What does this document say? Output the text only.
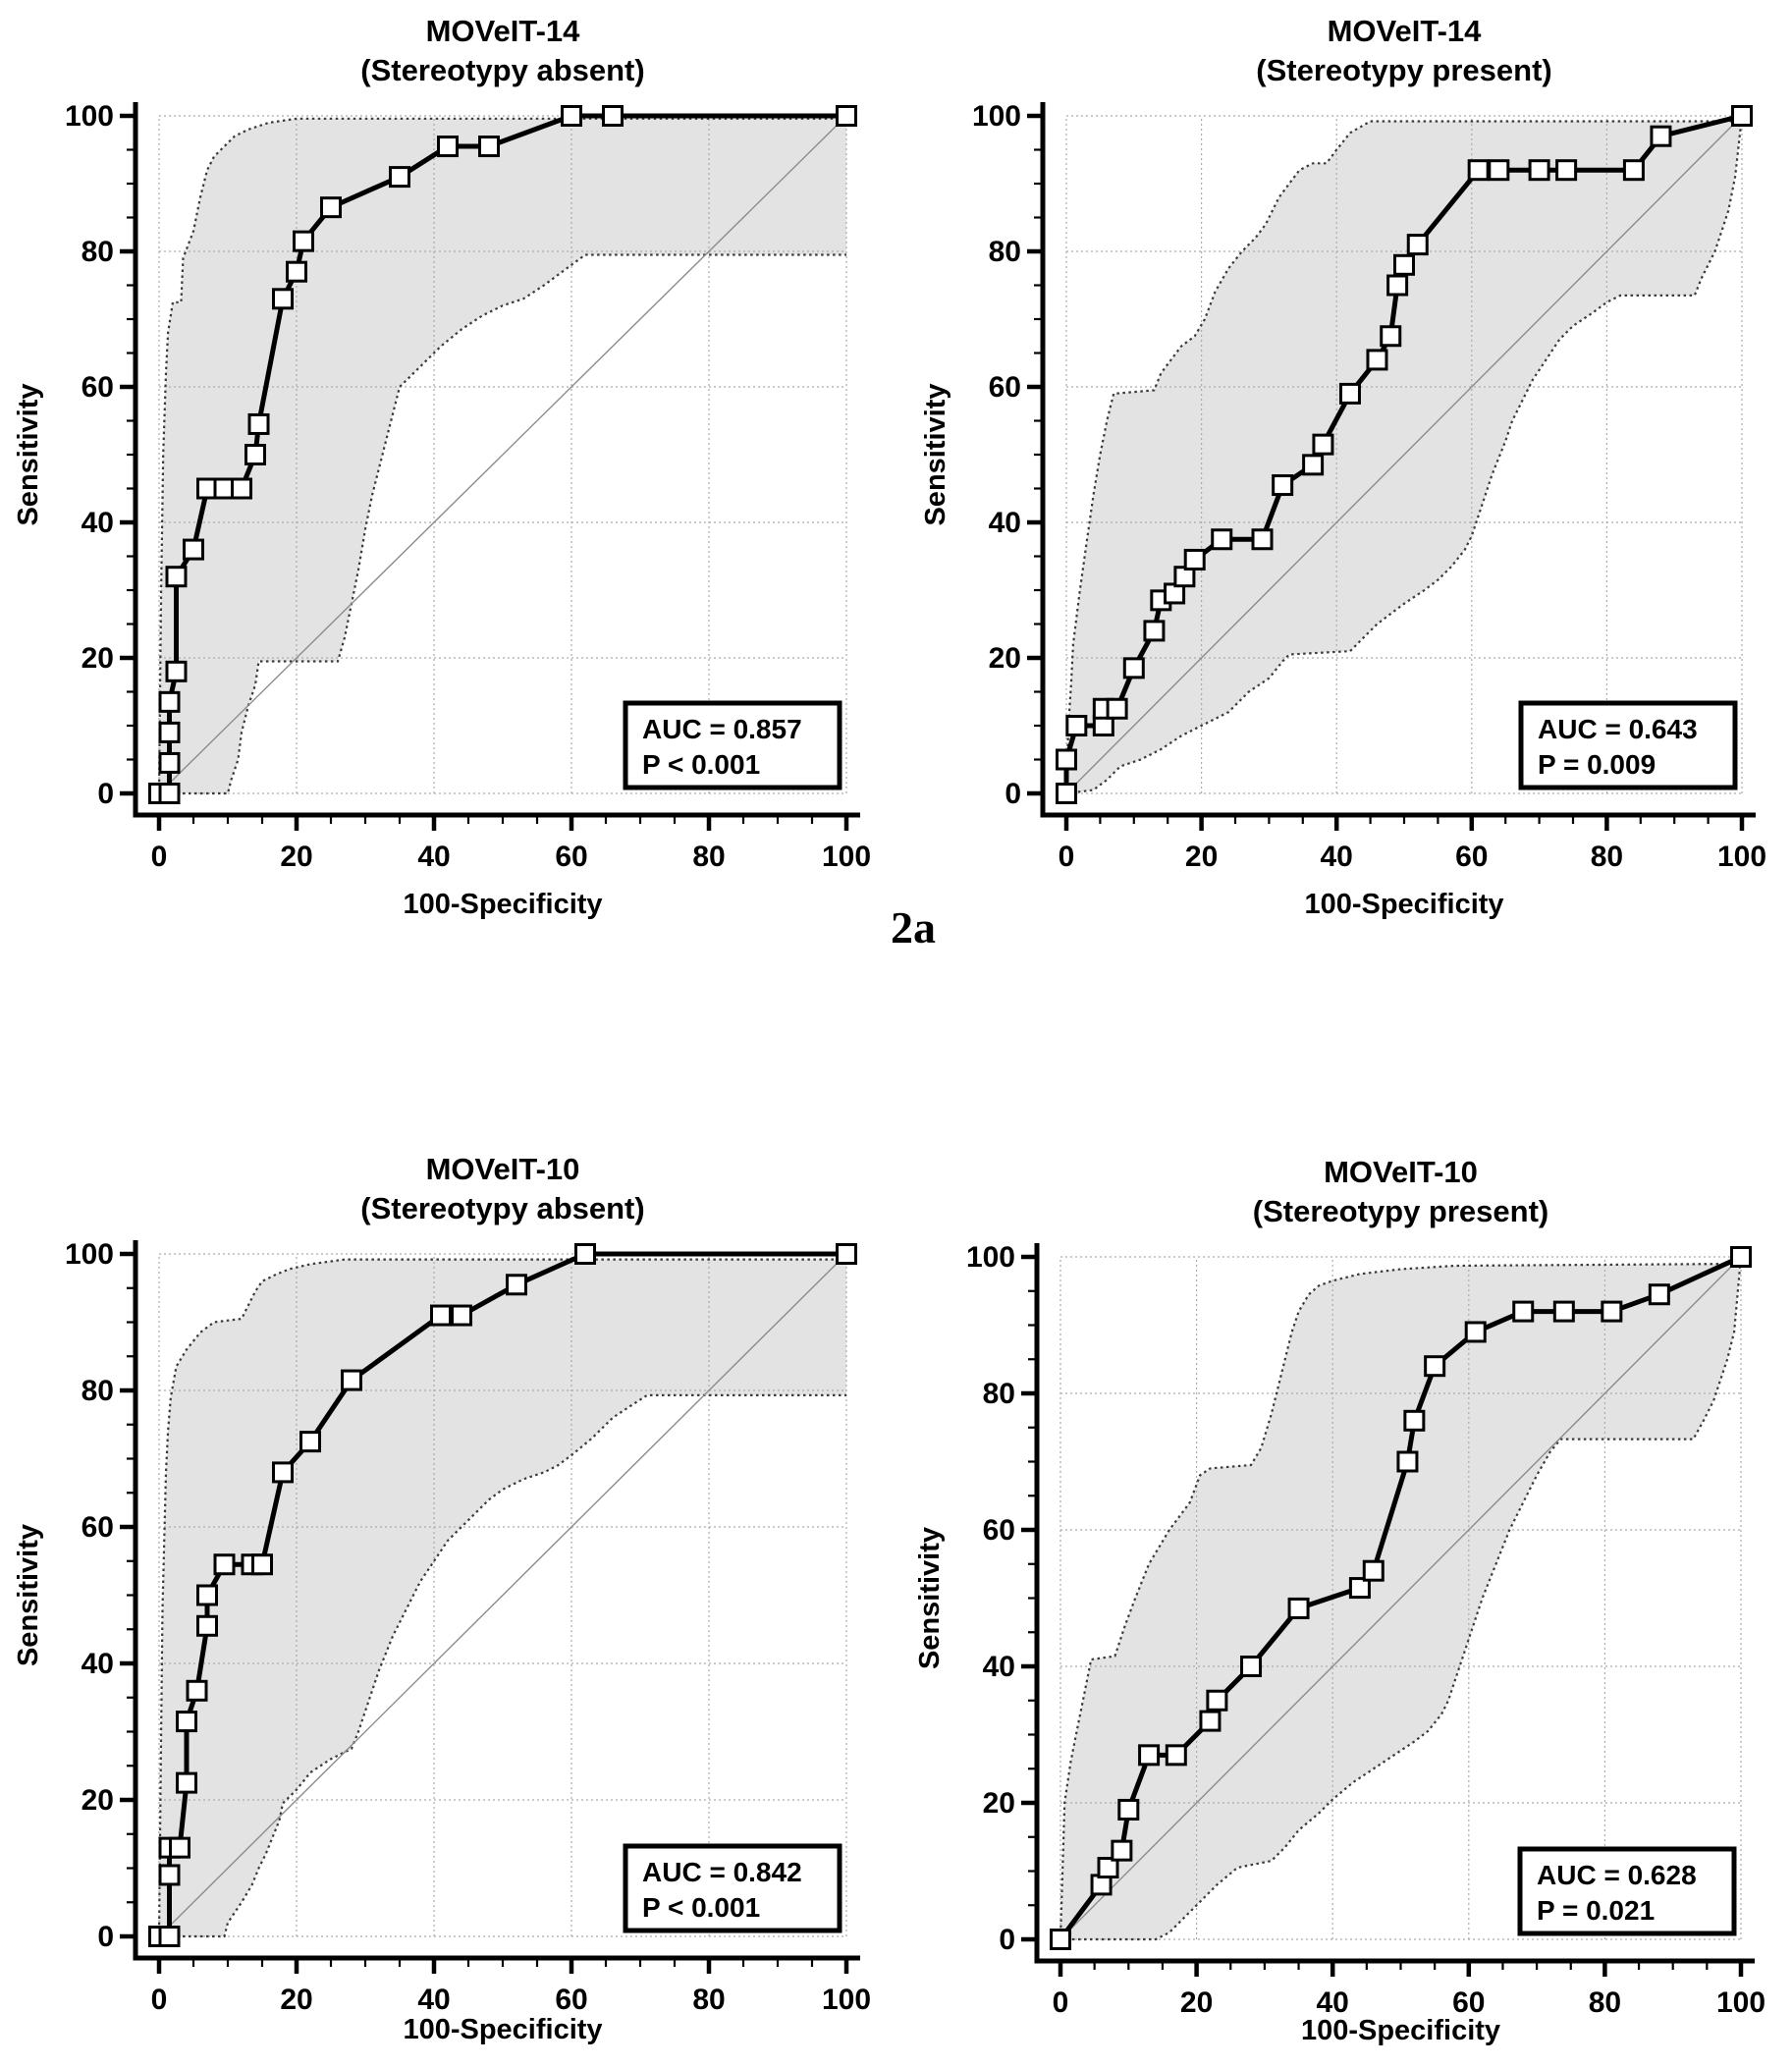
0
0
20
20
40
40
60
60
80
80
100
100
AUC = 0.857
P < 0.001
MOVeIT-14
(Stereotypy absent)
100-Specificity
Sensitivity
0
0
20
20
40
40
60
60
80
80
100
100
AUC = 0.643
P = 0.009
MOVeIT-14
(Stereotypy present)
100-Specificity
Sensitivity
0
0
20
20
40
40
60
60
80
80
100
100
AUC = 0.842
P < 0.001
MOVeIT-10
(Stereotypy absent)
100-Specificity
Sensitivity
0
0
20
20
40
40
60
60
80
80
100
100
AUC = 0.628
P = 0.021
MOVeIT-10
(Stereotypy present)
100-Specificity
Sensitivity
2a
